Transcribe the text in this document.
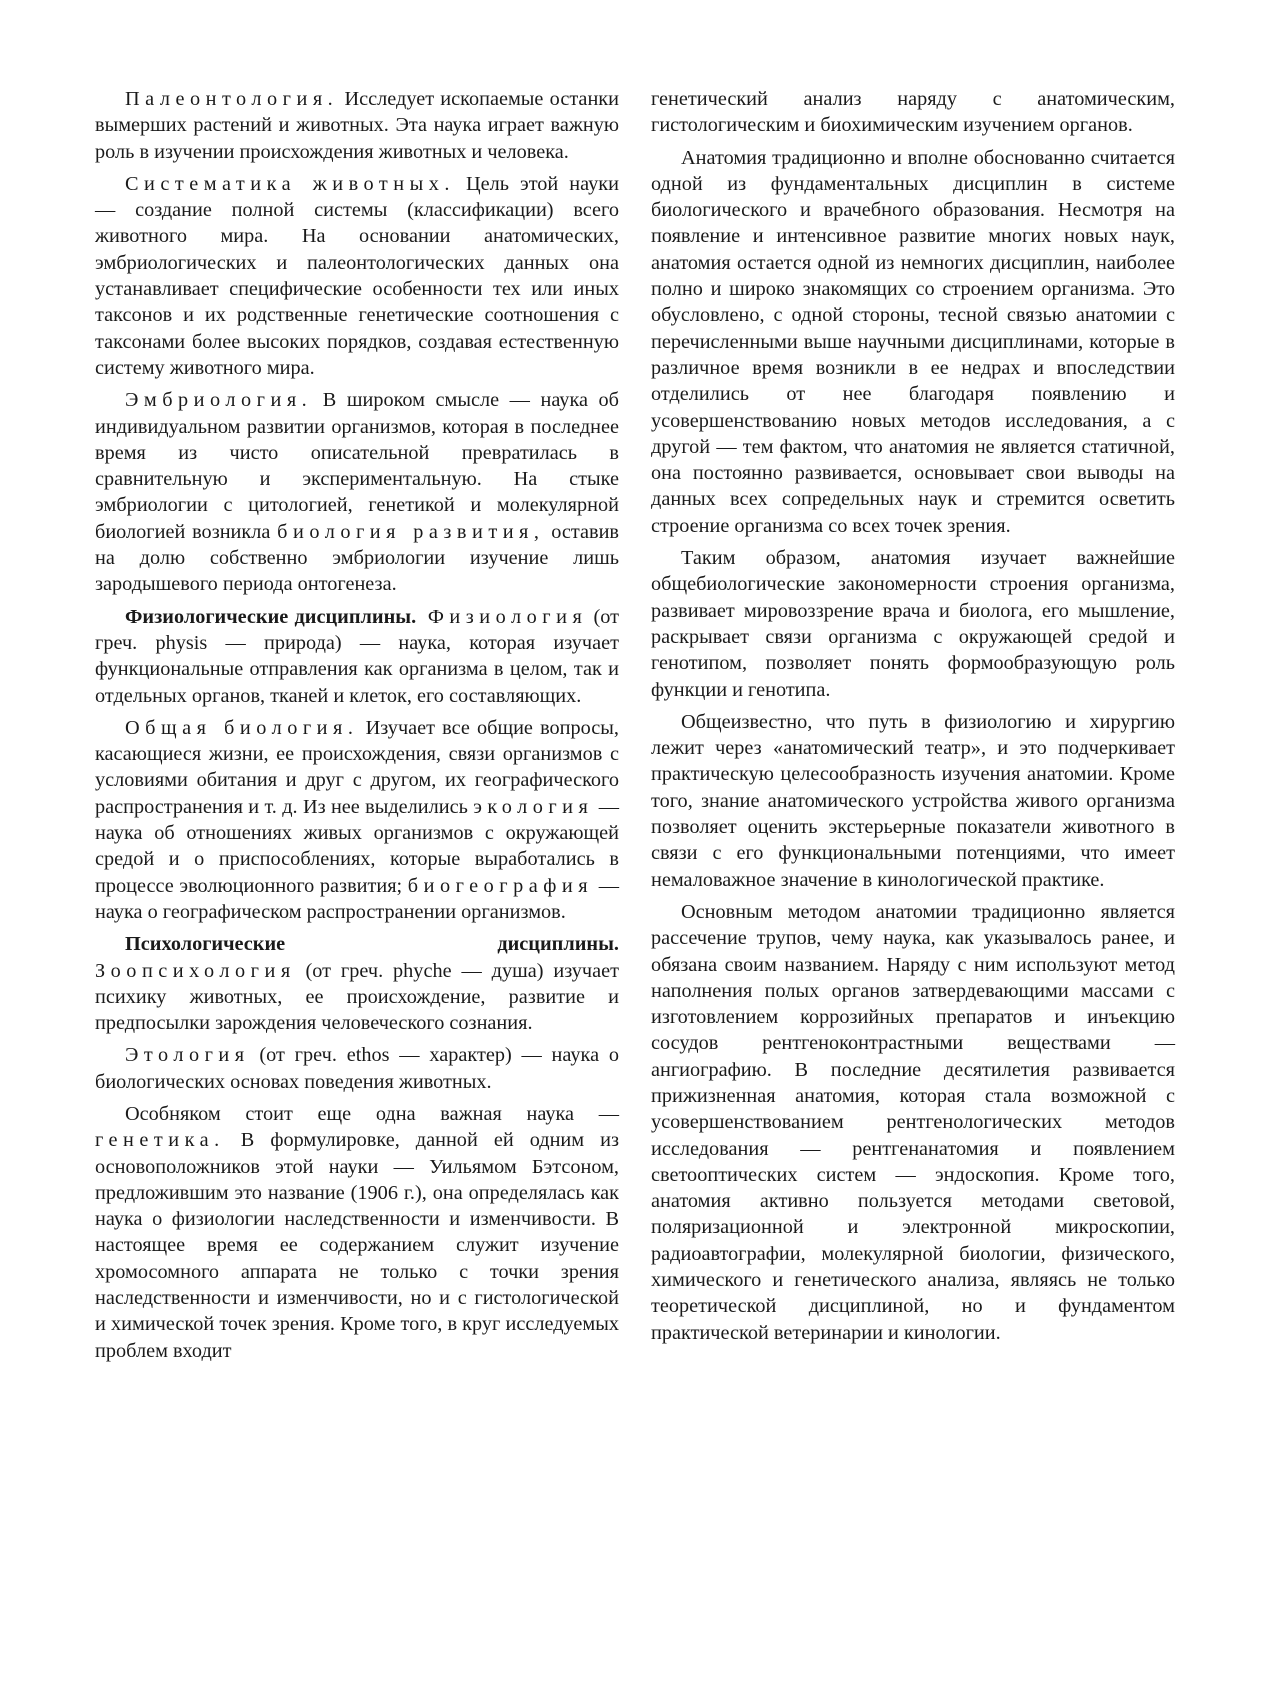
Палеонтология. Исследует ископаемые останки вымерших растений и животных. Эта наука играет важную роль в изучении происхождения животных и человека.

Систематика животных. Цель этой науки — создание полной системы (классификации) всего животного мира. На основании анатомических, эмбриологических и палеонтологических данных она устанавливает специфические особенности тех или иных таксонов и их родственные генетические соотношения с таксонами более высоких порядков, создавая естественную систему животного мира.

Эмбриология. В широком смысле — наука об индивидуальном развитии организмов, которая в последнее время из чисто описательной превратилась в сравнительную и экспериментальную. На стыке эмбриологии с цитологией, генетикой и молекулярной биологией возникла биология развития, оставив на долю собственно эмбриологии изучение лишь зародышевого периода онтогенеза.

Физиологические дисциплины. Физиология (от греч. physis — природа) — наука, которая изучает функциональные отправления как организма в целом, так и отдельных органов, тканей и клеток, его составляющих.

Общая биология. Изучает все общие вопросы, касающиеся жизни, ее происхождения, связи организмов с условиями обитания и друг с другом, их географического распространения и т. д. Из нее выделились экология — наука об отношениях живых организмов с окружающей средой и о приспособлениях, которые выработались в процессе эволюционного развития; биогеография — наука о географическом распространении организмов.

Психологические дисциплины. Зоопсихология (от греч. phyche — душа) изучает психику животных, ее происхождение, развитие и предпосылки зарождения человеческого сознания.

Этология (от греч. ethos — характер) — наука о биологических основах поведения животных.

Особняком стоит еще одна важная наука — генетика. В формулировке, данной ей одним из основоположников этой науки — Уильямом Бэтсоном, предложившим это название (1906 г.), она определялась как наука о физиологии наследственности и изменчивости. В настоящее время ее содержанием служит изучение хромосомного аппарата не только с точки зрения наследственности и изменчивости, но и с гистологической и химической точек зрения. Кроме того, в круг исследуемых проблем входит

генетический анализ наряду с анатомическим, гистологическим и биохимическим изучением органов.

Анатомия традиционно и вполне обоснованно считается одной из фундаментальных дисциплин в системе биологического и врачебного образования. Несмотря на появление и интенсивное развитие многих новых наук, анатомия остается одной из немногих дисциплин, наиболее полно и широко знакомящих со строением организма. Это обусловлено, с одной стороны, тесной связью анатомии с перечисленными выше научными дисциплинами, которые в различное время возникли в ее недрах и впоследствии отделились от нее благодаря появлению и усовершенствованию новых методов исследования, а с другой — тем фактом, что анатомия не является статичной, она постоянно развивается, основывает свои выводы на данных всех сопредельных наук и стремится осветить строение организма со всех точек зрения.

Таким образом, анатомия изучает важнейшие общебиологические закономерности строения организма, развивает мировоззрение врача и биолога, его мышление, раскрывает связи организма с окружающей средой и генотипом, позволяет понять формообразующую роль функции и генотипа.

Общеизвестно, что путь в физиологию и хирургию лежит через «анатомический театр», и это подчеркивает практическую целесообразность изучения анатомии. Кроме того, знание анатомического устройства живого организма позволяет оценить экстерьерные показатели животного в связи с его функциональными потенциями, что имеет немаловажное значение в кинологической практике.

Основным методом анатомии традиционно является рассечение трупов, чему наука, как указывалось ранее, и обязана своим названием. Наряду с ним используют метод наполнения полых органов затвердевающими массами с изготовлением коррозийных препаратов и инъекцию сосудов рентгеноконтрастными веществами — ангиографию. В последние десятилетия развивается прижизненная анатомия, которая стала возможной с усовершенствованием рентгенологических методов исследования — рентгенанатомия и появлением светооптических систем — эндоскопия. Кроме того, анатомия активно пользуется методами световой, поляризационной и электронной микроскопии, радиоавтографии, молекулярной биологии, физического, химического и генетического анализа, являясь не только теоретической дисциплиной, но и фундаментом практической ветеринарии и кинологии.
